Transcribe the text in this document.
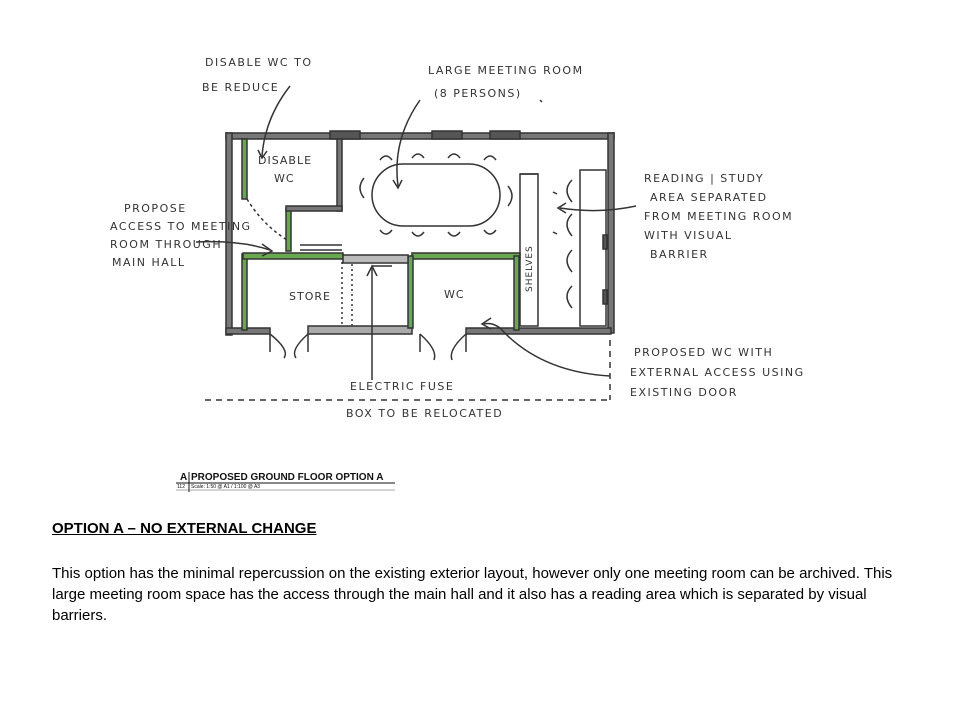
DISABLE WC TO
BE REDUCE
LARGE MEETING ROOM
(8 PERSONS)
READING | STUDY
AREA SEPARATED
FROM MEETING ROOM
WITH VISUAL
BARRIER
PROPOSE
ACCESS TO MEETING
ROOM THROUGH
MAIN HALL
PROPOSED WC WITH
EXTERNAL ACCESS USING
EXISTING DOOR
ELECTRIC FUSE
BOX TO BE RELOCATED
DISABLE
WC
STORE	WC
SHELVES
A PROPOSED GROUND FLOOR OPTION A
112 Scale: 1:50 @ A1 / 1:100 @ A3
OPTION A – NO EXTERNAL CHANGE

This option has the minimal repercussion on the existing exterior layout, however only one meeting room can be archived. This large meeting room space has the access through the main hall and it also has a reading area which is separated by visual barriers.
